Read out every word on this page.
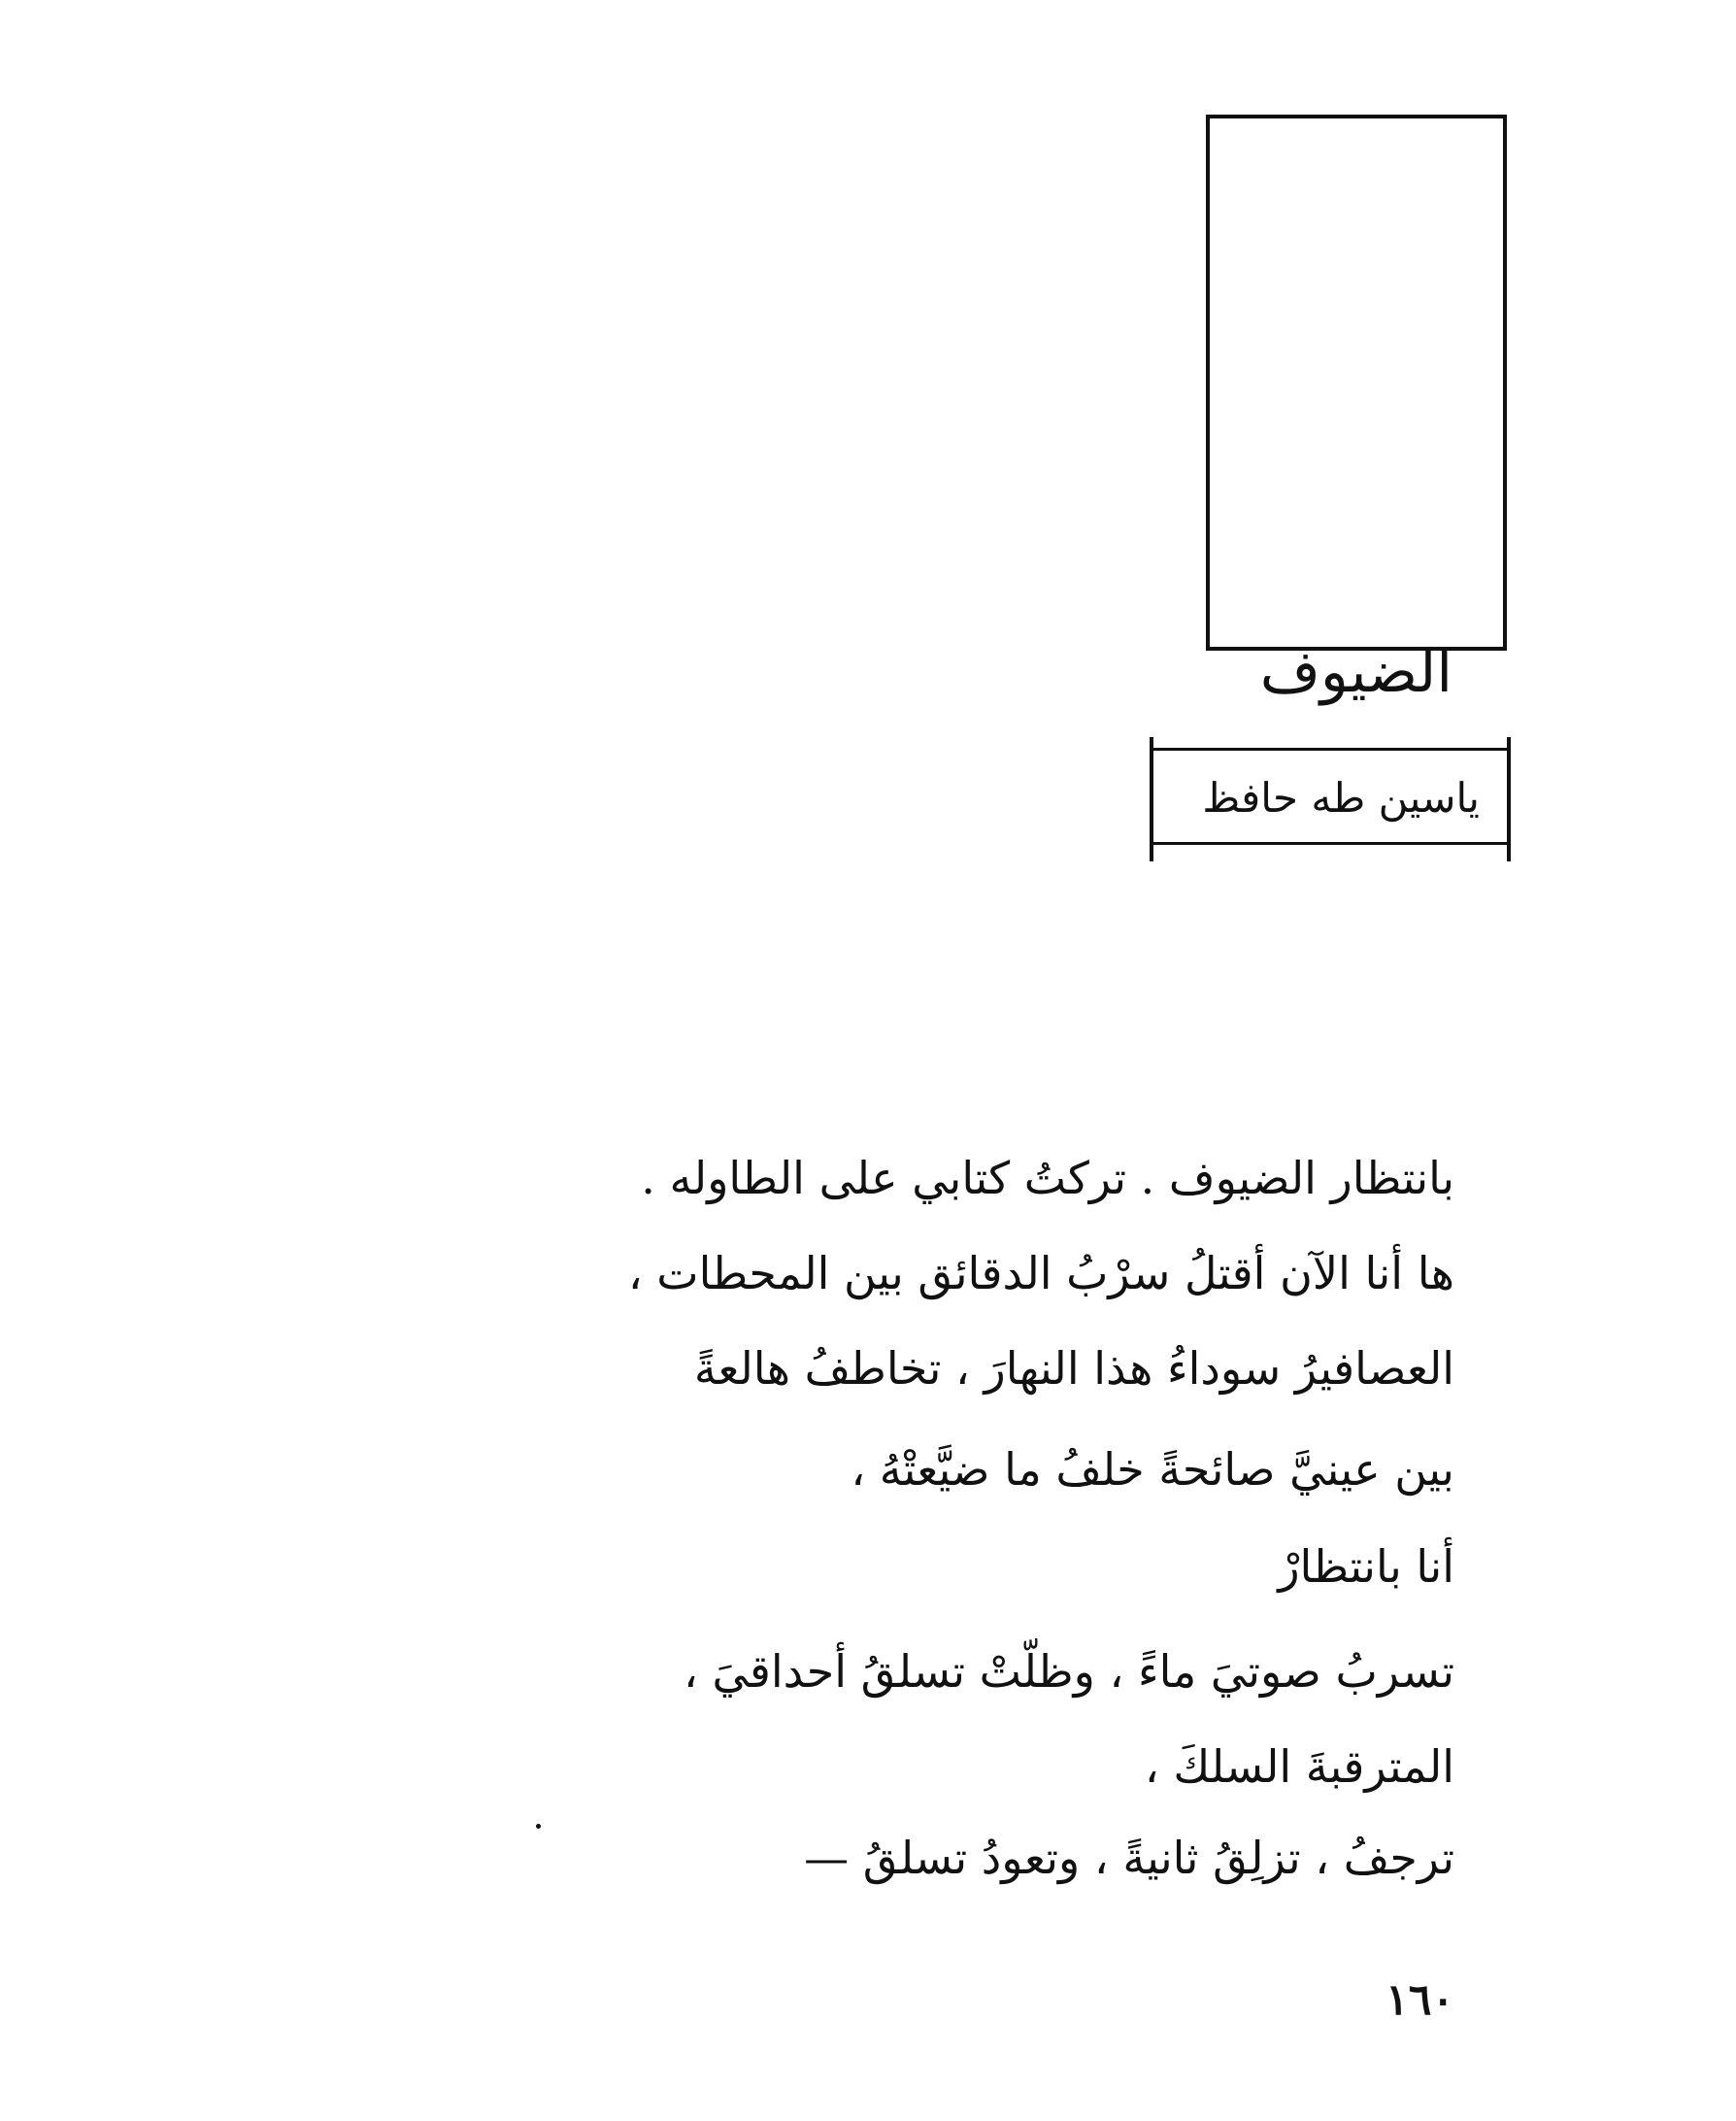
الضيوف
ياسين طه حافظ
بانتظار الضيوف . تركتُ كتابي على الطاوله .
ها أنا الآن أقتلُ سرْبُ الدقائق بين المحطات ،
العصافيرُ سوداءُ هذا النهارَ ، تخاطفُ هالعةً
بين عينيَّ صائحةً خلفُ ما ضيَّعتْهُ ،
أنا بانتظارْ
تسربُ صوتيَ ماءً ، وظلّتْ تسلقُ أحداقيَ ،
المترقبةَ السلكَ ،
ترجفُ ، تزلِقُ ثانيةً ، وتعودُ تسلقُ —
١٦٠
